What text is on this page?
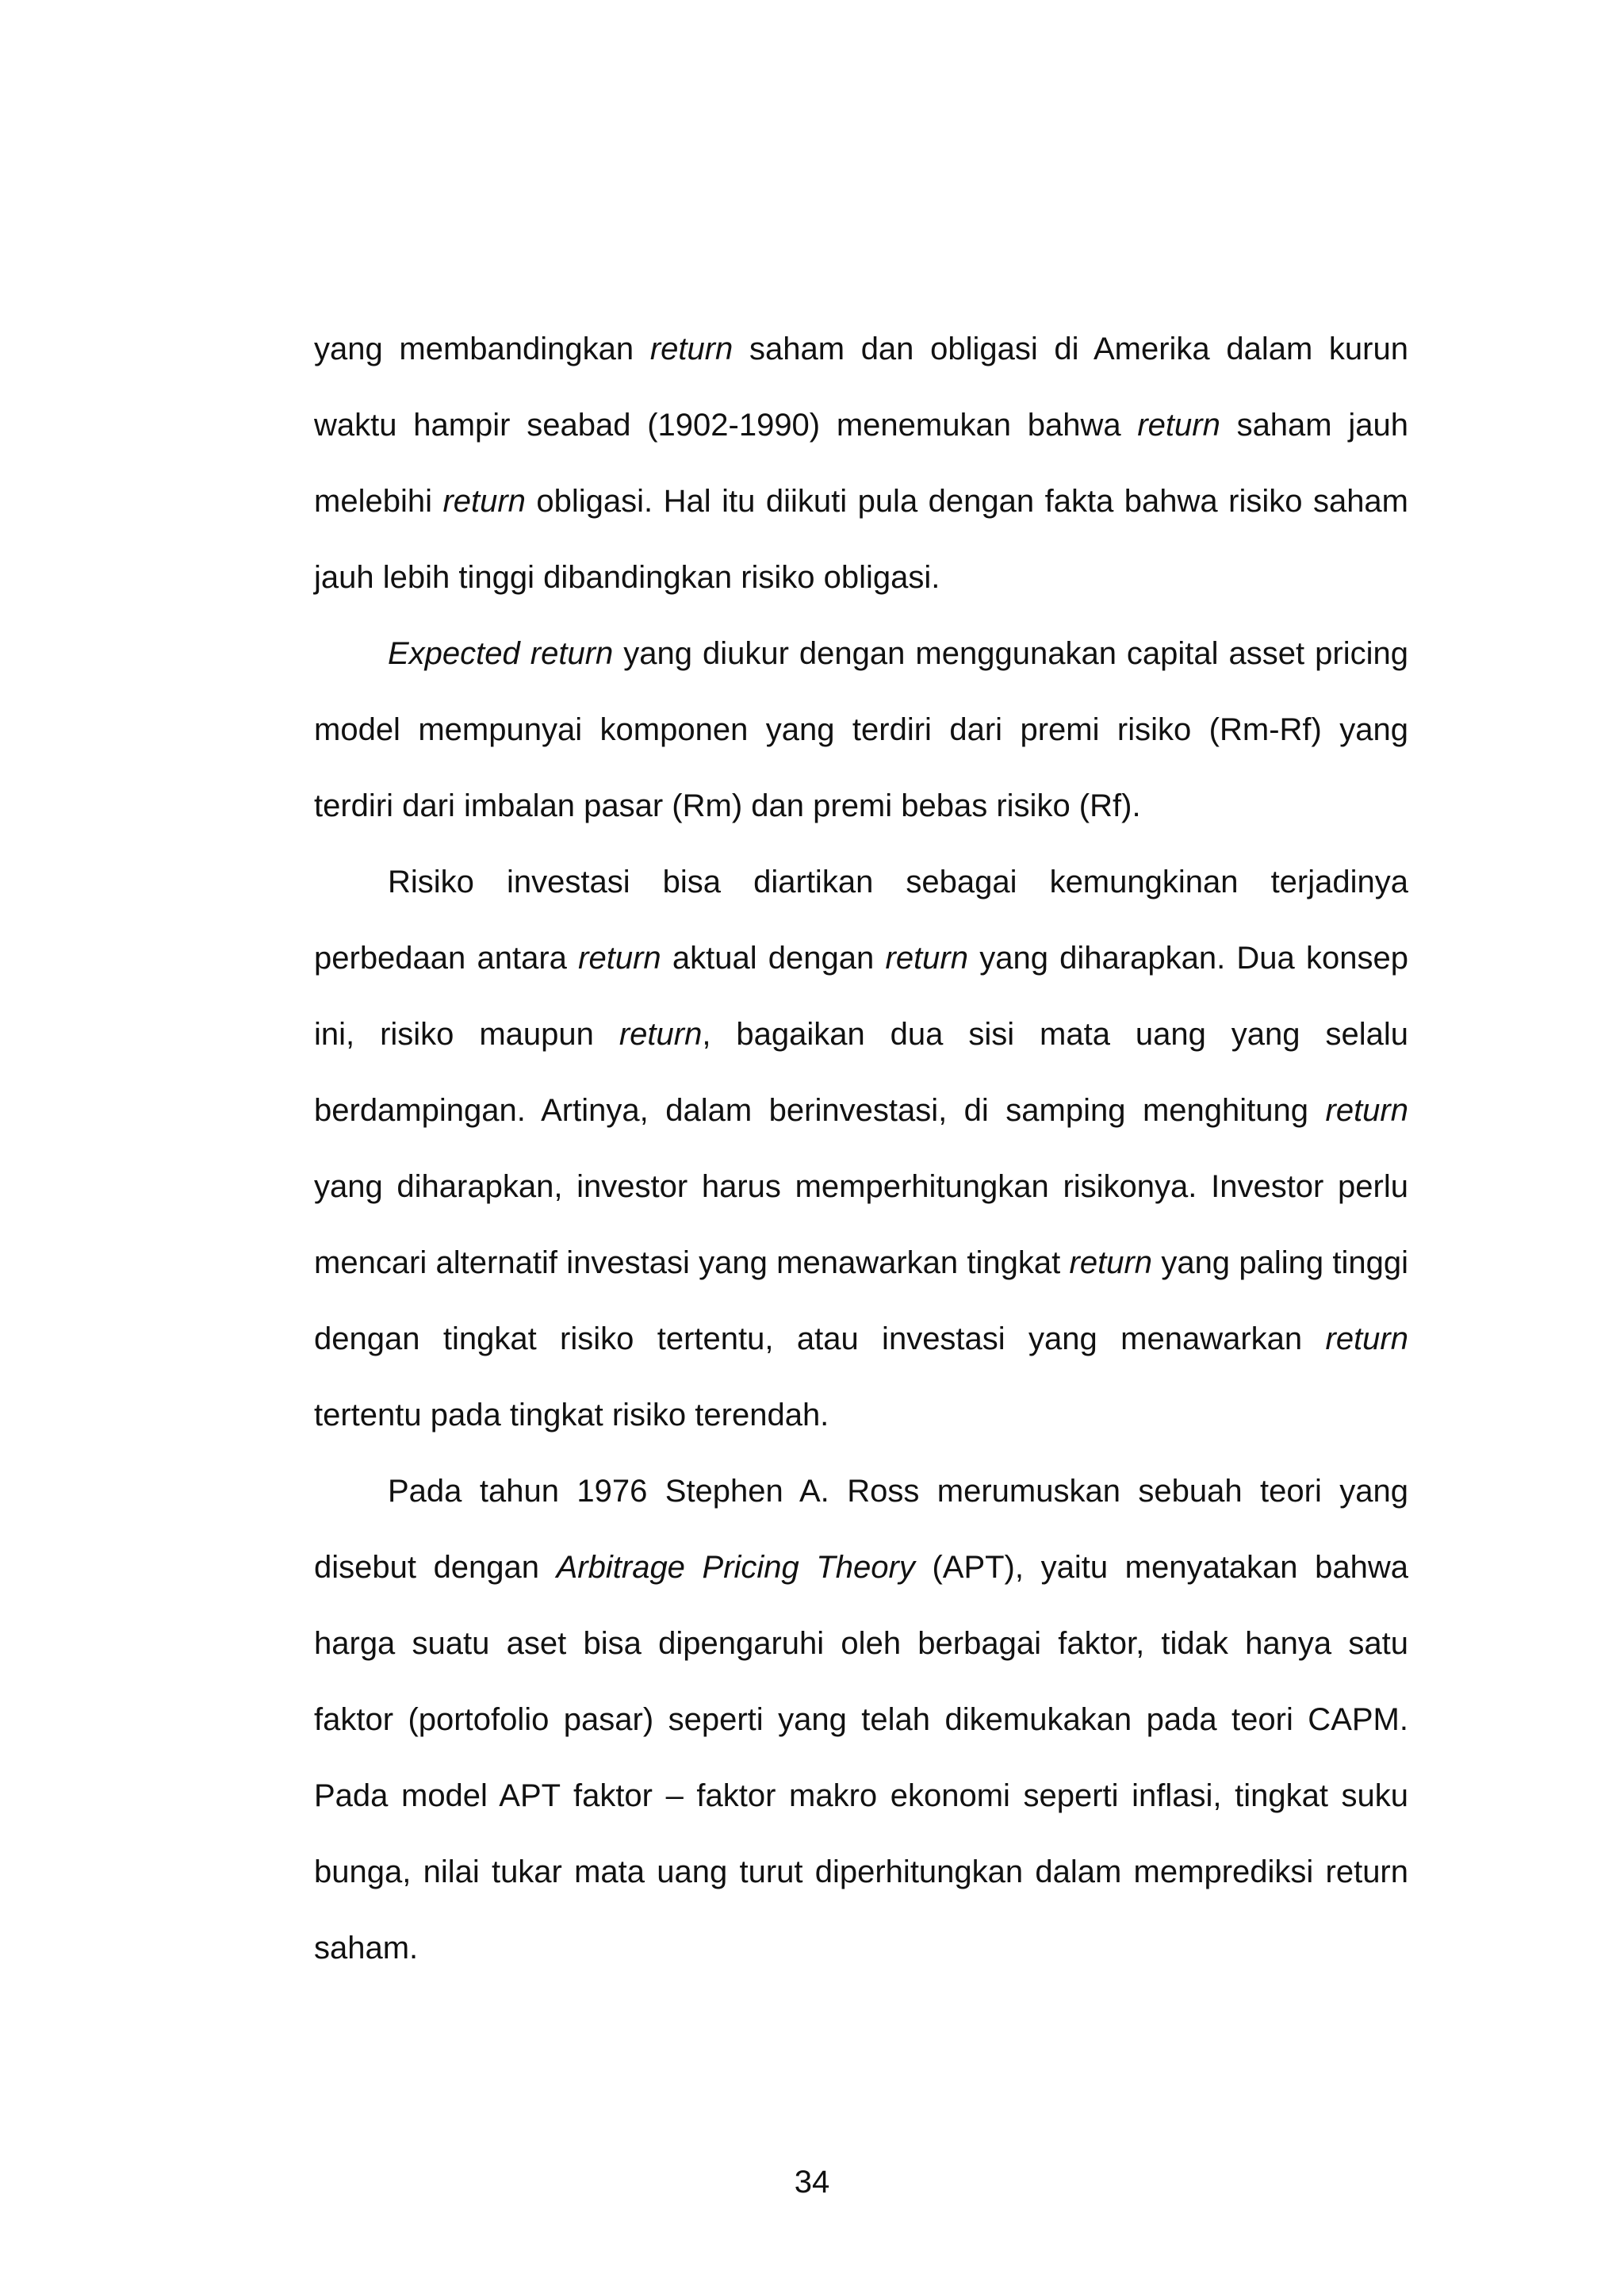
yang membandingkan return saham dan obligasi di Amerika dalam kurun waktu hampir seabad (1902-1990) menemukan bahwa return saham jauh melebihi return obligasi. Hal itu diikuti pula dengan fakta bahwa risiko saham jauh lebih tinggi dibandingkan risiko obligasi.

Expected return yang diukur dengan menggunakan capital asset pricing model mempunyai komponen yang terdiri dari premi risiko (Rm-Rf) yang terdiri dari imbalan pasar (Rm) dan premi bebas risiko (Rf).

Risiko investasi bisa diartikan sebagai kemungkinan terjadinya perbedaan antara return aktual dengan return yang diharapkan. Dua konsep ini, risiko maupun return, bagaikan dua sisi mata uang yang selalu berdampingan. Artinya, dalam berinvestasi, di samping menghitung return yang diharapkan, investor harus memperhitungkan risikonya. Investor perlu mencari alternatif investasi yang menawarkan tingkat return yang paling tinggi dengan tingkat risiko tertentu, atau investasi yang menawarkan return tertentu pada tingkat risiko terendah.

Pada tahun 1976 Stephen A. Ross merumuskan sebuah teori yang disebut dengan Arbitrage Pricing Theory (APT), yaitu menyatakan bahwa harga suatu aset bisa dipengaruhi oleh berbagai faktor, tidak hanya satu faktor (portofolio pasar) seperti yang telah dikemukakan pada teori CAPM. Pada model APT faktor – faktor makro ekonomi seperti inflasi, tingkat suku bunga, nilai tukar mata uang turut diperhitungkan dalam memprediksi return saham.

34
